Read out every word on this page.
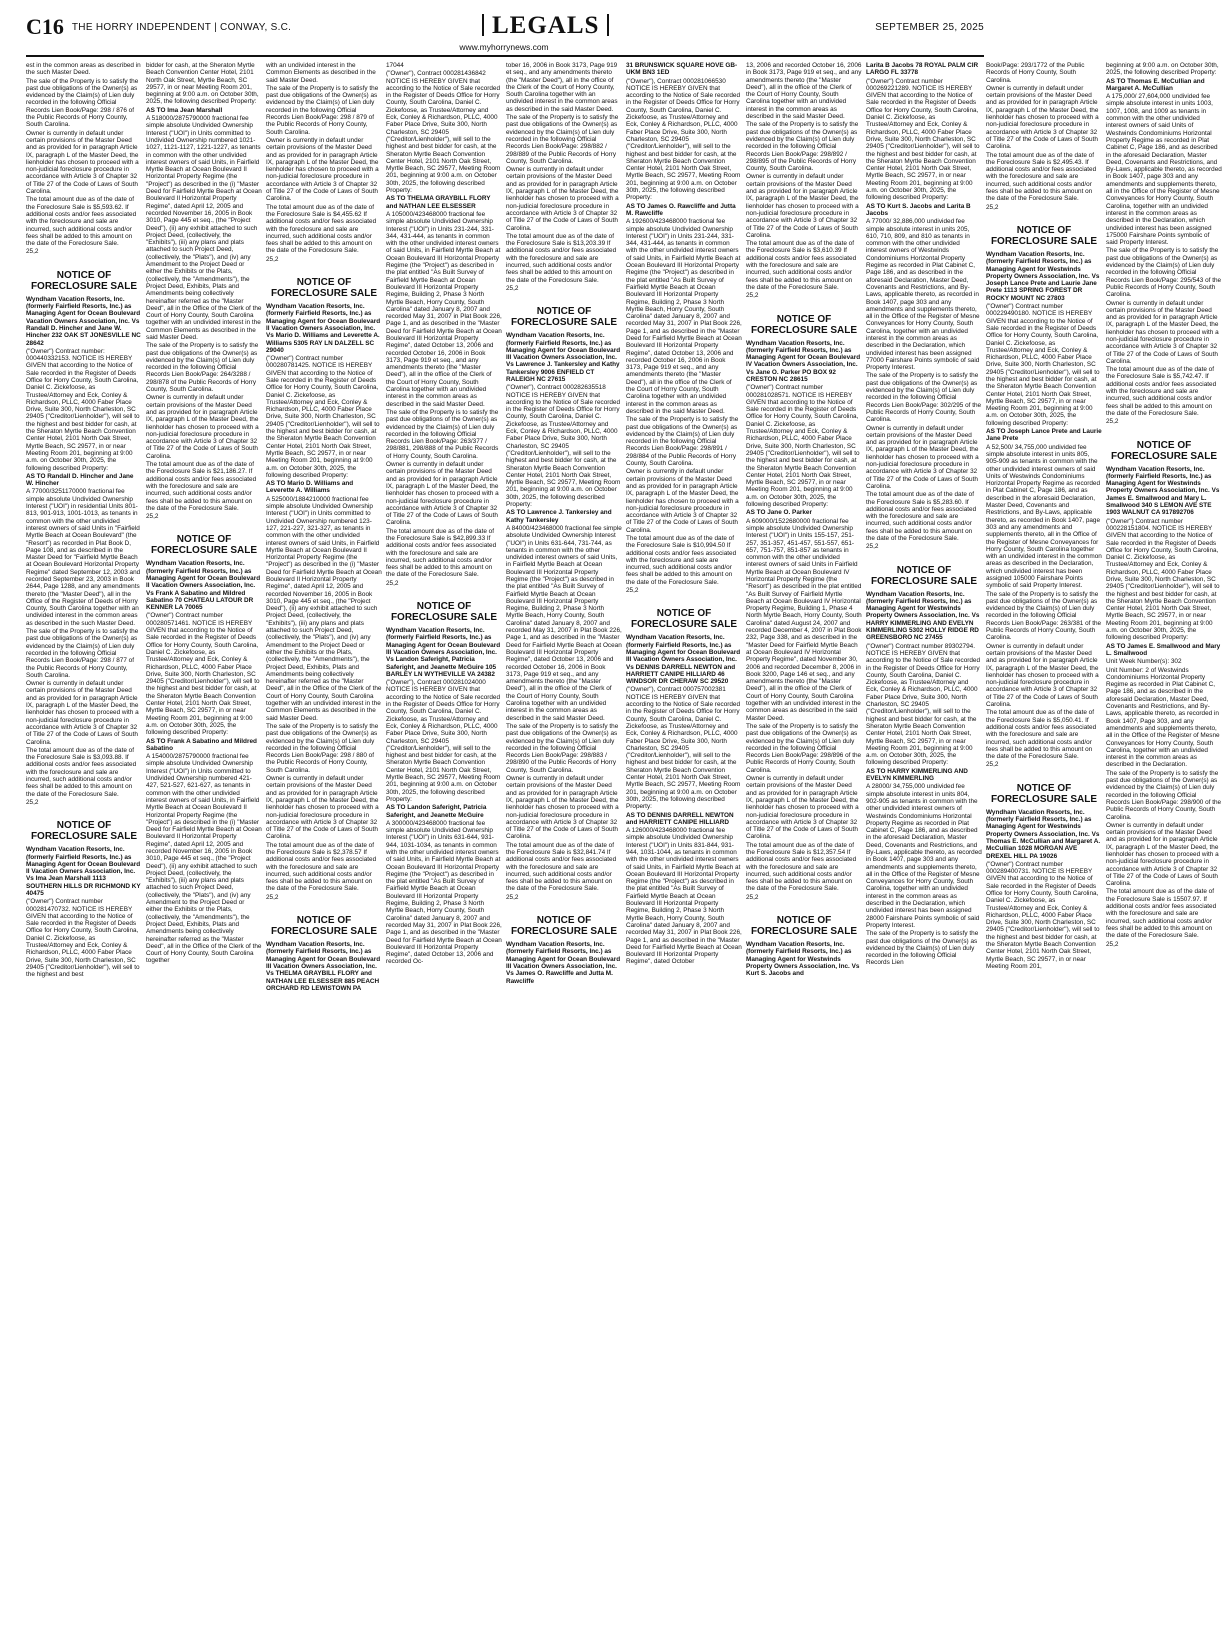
C16 THE HORRY INDEPENDENT | CONWAY, S.C.	SEPTEMBER 25, 2025
LEGALS
www.myhorrynews.com

est in the common areas as described in the such Master Deed.

The sale of the Property is to satisfy the past due obligations of the Owner(s) as evidenced by the Claim(s) of Lien duly recorded in the following Official Records Lien Book/Page: 298 / 876 of the Public Records of Horry County, South Carolina.

Owner is currently in default under certain provisions of the Master Deed and as provided for in paragraph Article IX, paragraph L of the Master Deed, the lienholder has chosen to proceed with a non-judicial foreclosure procedure in accordance with Article 3 of Chapter 32 of Title 27 of the Code of Laws of South Carolina.

The total amount due as of the date of the Foreclosure Sale is $5,593.62. If additional costs and/or fees associated with the foreclosure and sale are incurred, such additional costs and/or fees shall be added to this amount on the date of the Foreclosure Sale.

25,2

NOTICE OF FORECLOSURE SALE

Wyndham Vacation Resorts, Inc. (formerly Fairfield Resorts, Inc.) as Managing Agent for Ocean Boulevard Vacation Owners Association, Inc. Vs Randall D. Hincher and Jane W. Hincher 232 OAK ST JONESVILLE NC 28642

("Owner") Contract number: 000440332153. NOTICE IS HEREBY GIVEN that according to the Notice of Sale recorded in the Register of Deeds Office for Horry County, South Carolina, Daniel C. Zickefoose, as Trustee/Attorney and Eck, Conley & Richardson, PLLC, 4000 Faber Place Drive, Suite 300, North Charleston, SC 29405 ("Creditor/Lienholder"), will sell to the highest and best bidder for cash, at the Sheraton Myrtle Beach Convention Center Hotel, 2101 North Oak Street, Myrtle Beach, SC 29577, in or near Meeting Room 201, beginning at 9:00 a.m. on October 30th, 2025, the following described Property:

AS TO Randall D. Hincher and Jane W. Hincher

A 77000/3251170000 fractional fee simple absolute Undivided Ownership Interest ("UOI") in residential Units 801-813, 901-913, 1001-1013, as tenants in common with the other undivided interest owners of said Units in "Fairfield Myrtle Beach at Ocean Boulevard" (the "Resort") as recorded in Plat Book D, Page 108, and as described in the Master Deed for "Fairfield Myrtle Beach at Ocean Boulevard Horizontal Property Regime" dated September 12, 2003 and recorded September 23, 2003 in Book 2644, Page 1288, and any amendments thereto (the "Master Deed"), all in the Office of the Register of Deeds of Horry County, South Carolina together with an undivided interest in the common areas as described in the such Master Deed.

The sale of the Property is to satisfy the past due obligations of the Owner(s) as evidenced by the Claim(s) of Lien duly recorded in the following Official Records Lien Book/Page: 298 / 877 of the Public Records of Horry County, South Carolina.

Owner is currently in default under certain provisions of the Master Deed and as provided for in paragraph Article IX, paragraph L of the Master Deed, the lienholder has chosen to proceed with a non-judicial foreclosure procedure in accordance with Article 3 of Chapter 32 of Title 27 of the Code of Laws of South Carolina.

The total amount due as of the date of the Foreclosure Sale is $3,093.88. If additional costs and/or fees associated with the foreclosure and sale are incurred, such additional costs and/or fees shall be added to this amount on the date of the Foreclosure Sale.

25,2

NOTICE OF FORECLOSURE SALE

Wyndham Vacation Resorts, Inc. (formerly Fairfield Resorts, Inc.) as Managing Agent for Ocean Boulevard II Vacation Owners Association, Inc. Vs Ima Jean Marshall 1113 SOUTHERN HILLS DR RICHMOND KY 40475

("Owner") Contract number 000281470732. NOTICE IS HEREBY GIVEN that according to the Notice of Sale recorded in the Register of Deeds Office for Horry County, South Carolina, Daniel C. Zickefoose, as Trustee/Attorney and Eck, Conley & Richardson, PLLC, 4000 Faber Place Drive, Suite 300, North Charleston, SC 29405 ("Creditor/Lienholder"), will sell to the highest and best

bidder for cash, at the Sheraton Myrtle Beach Convention Center Hotel, 2101 North Oak Street, Myrtle Beach, SC 29577, in or near Meeting Room 201, beginning at 9:00 a.m. on October 30th, 2025, the following described Property:

AS TO Ima Jean Marshall

A 518000/2875790000 fractional fee simple absolute Undivided Ownership Interest ("UOI") in Units committed to Undivided Ownership numbered 1021-1027, 1121-1127, 1221-1227, as tenants in common with the other undivided interest owners of said Units, in Fairfield Myrtle Beach at Ocean Boulevard II Horizontal Property Regime (the "Project") as described in the (i) "Master Deed for Fairfield Myrtle Beach at Ocean Boulevard II Horizontal Property Regime", dated April 12, 2005 and recorded November 16, 2005 in Book 3010, Page 445 et seq., (the "Project Deed"), (ii) any exhibit attached to such Project Deed, (collectively, the "Exhibits"), (iii) any plans and plats attached to such Project Deed, (collectively, the "Plats"), and (iv) any Amendment to the Project Deed or either the Exhibits or the Plats, (collectively, the "Amendments"), the Project Deed, Exhibits, Plats and Amendments being collectively hereinafter referred as the "Master Deed", all in the Office of the Clerk of the Court of Horry County, South Carolina together with an undivided interest in the Common Elements as described in the said Master Deed.

The sale of the Property is to satisfy the past due obligations of the Owner(s) as evidenced by the Claim(s) of Lien duly recorded in the following Official Records Lien Book/Page: 264/3288 / 298/878 of the Public Records of Horry County, South Carolina.

Owner is currently in default under certain provisions of the Master Deed and as provided for in paragraph Article IX, paragraph L of the Master Deed, the lienholder has chosen to proceed with a non-judicial foreclosure procedure in accordance with Article 3 of Chapter 32 of Title 27 of the Code of Laws of South Carolina.

The total amount due as of the date of the Foreclosure Sale is $21,186.27. If additional costs and/or fees associated with the foreclosure and sale are incurred, such additional costs and/or fees shall be added to this amount on the date of the Foreclosure Sale.

25,2

NOTICE OF FORECLOSURE SALE

Wyndham Vacation Resorts, Inc. (formerly Fairfield Resorts, Inc.) as Managing Agent for Ocean Boulevard II Vacation Owners Association, Inc. Vs Frank A Sabatino and Mildred Sabatino 70 CHATEAU LATOUR DR KENNER LA 70065

("Owner") Contract number 000280571461. NOTICE IS HEREBY GIVEN that according to the Notice of Sale recorded in the Register of Deeds Office for Horry County, South Carolina, Daniel C. Zickefoose, as Trustee/Attorney and Eck, Conley & Richardson, PLLC, 4000 Faber Place Drive, Suite 300, North Charleston, SC 29405 ("Creditor/Lienholder"), will sell to the highest and best bidder for cash, at the Sheraton Myrtle Beach Convention Center Hotel, 2101 North Oak Street, Myrtle Beach, SC 29577, in or near Meeting Room 201, beginning at 9:00 a.m. on October 30th, 2025, the following described Property:

AS TO Frank A Sabatino and Mildred Sabatino

A 154000/2875790000 fractional fee simple absolute Undivided Ownership Interest ("UOI") in Units committed to Undivided Ownership numbered 421-427, 521-527, 621-627, as tenants in common with the other undivided interest owners of said Units, in Fairfield Myrtle Beach at Ocean Boulevard II Horizontal Property Regime (the "Project") as described in the (i) "Master Deed for Fairfield Myrtle Beach at Ocean Boulevard II Horizontal Property Regime", dated April 12, 2005 and recorded November 16, 2005 in Book 3010, Page 445 et seq., (the "Project Deed"), (ii) any exhibit attached to such Project Deed, (collectively, the "Exhibits"), (iii) any plans and plats attached to such Project Deed, (collectively, the "Plats"), and (iv) any Amendment to the Project Deed or either the Exhibits or the Plats, (collectively, the "Amendments"), the Project Deed, Exhibits, Plats and Amendments being collectively hereinafter referred as the "Master Deed", all in the Office of the Clerk of the Court of Horry County, South Carolina together

with an undivided interest in the Common Elements as described in the said Master Deed.

The sale of the Property is to satisfy the past due obligations of the Owner(s) as evidenced by the Claim(s) of Lien duly recorded in the following Official Records Lien Book/Page: 298 / 879 of the Public Records of Horry County, South Carolina.

Owner is currently in default under certain provisions of the Master Deed and as provided for in paragraph Article IX, paragraph L of the Master Deed, the lienholder has chosen to proceed with a non-judicial foreclosure procedure in accordance with Article 3 of Chapter 32 of Title 27 of the Code of Laws of South Carolina.

The total amount due as of the date of the Foreclosure Sale is $4,455.62 If additional costs and/or fees associated with the foreclosure and sale are incurred, such additional costs and/or fees shall be added to this amount on the date of the Foreclosure Sale.

25,2

NOTICE OF FORECLOSURE SALE

Wyndham Vacation Resorts, Inc. (formerly Fairfield Resorts, Inc.) as Managing Agent for Ocean Boulevard II Vacation Owners Association, Inc. Vs Mario D. Williams and Leverette A. Williams 5305 RAY LN DALZELL SC 29040

("Owner") Contract number 000280781425. NOTICE IS HEREBY GIVEN that according to the Notice of Sale recorded in the Register of Deeds Office for Horry County, South Carolina, Daniel C. Zickefoose, as Trustee/Attorney and Eck, Conley & Richardson, PLLC, 4000 Faber Place Drive, Suite 300, North Charleston, SC 29405 ("Creditor/Lienholder"), will sell to the highest and best bidder for cash, at the Sheraton Myrtle Beach Convention Center Hotel, 2101 North Oak Street, Myrtle Beach, SC 29577, in or near Meeting Room 201, beginning at 9:00 a.m. on October 30th, 2025, the following described Property:

AS TO Mario D. Williams and Leverette A. Williams

A 525000/1884210000 fractional fee simple absolute Undivided Ownership Interest ("UOI") in Units committed to Undivided Ownership numbered 123-127, 221-227, 321-327, as tenants in common with the other undivided interest owners of said Units, in Fairfield Myrtle Beach at Ocean Boulevard II Horizontal Property Regime (the "Project") as described in the (i) "Master Deed for Fairfield Myrtle Beach at Ocean Boulevard II Horizontal Property Regime", dated April 12, 2005 and recorded November 16, 2005 in Book 3010, Page 445 et seq., (the "Project Deed"), (ii) any exhibit attached to such Project Deed, (collectively, the "Exhibits"), (iii) any plans and plats attached to such Project Deed, (collectively, the "Plats"), and (iv) any Amendment to the Project Deed or either the Exhibits or the Plats, (collectively, the "Amendments"), the Project Deed, Exhibits, Plats and Amendments being collectively hereinafter referred as the "Master Deed", all in the Office of the Clerk of the Court of Horry County, South Carolina together with an undivided interest in the Common Elements as described in the said Master Deed.

The sale of the Property is to satisfy the past due obligations of the Owner(s) as evidenced by the Claim(s) of Lien duly recorded in the following Official Records Lien Book/Page: 298 / 880 of the Public Records of Horry County, South Carolina.

Owner is currently in default under certain provisions of the Master Deed and as provided for in paragraph Article IX, paragraph L of the Master Deed, the lienholder has chosen to proceed with a non-judicial foreclosure procedure in accordance with Article 3 of Chapter 32 of Title 27 of the Code of Laws of South Carolina.

The total amount due as of the date of the Foreclosure Sale is $2,378.57 If additional costs and/or fees associated with the foreclosure and sale are incurred, such additional costs and/or fees shall be added to this amount on the date of the Foreclosure Sale.

25,2

NOTICE OF FORECLOSURE SALE

Wyndham Vacation Resorts, Inc. (formerly Fairfield Resorts, Inc.) as Managing Agent for Ocean Boulevard III Vacation Owners Association, Inc. Vs THELMA GRAYBILL FLORY and NATHAN LEE ELSESSER 885 PEACH ORCHARD RD LEWISTOWN PA

17044

("Owner"), Contract 000281436842 NOTICE IS HEREBY GIVEN that according to the Notice of Sale recorded in the Register of Deeds Office for Horry County, South Carolina, Daniel C. Zickefoose, as Trustee/Attorney and Eck, Conley & Richardson, PLLC, 4000 Faber Place Drive, Suite 300, North Charleston, SC 29405 ("Creditor/Lienholder"), will sell to the highest and best bidder for cash, at the Sheraton Myrtle Beach Convention Center Hotel, 2101 North Oak Street, Myrtle Beach, SC 29577, Meeting Room 201, beginning at 9:00 a.m. on October 30th, 2025, the following described Property:

AS TO THELMA GRAYBILL FLORY and NATHAN LEE ELSESSER

A 105000/423468000 fractional fee simple absolute Undivided Ownership Interest ("UOI") in Units 231-244, 331-344, 431-444, as tenants in common with the other undivided interest owners of said Units, in Fairfield Myrtle Beach at Ocean Boulevard III Horizontal Property Regime (the "Project") as described in the plat entitled "As Built Survey of Fairfield Myrtle Beach at Ocean Boulevard III Horizontal Property Regime, Building 2, Phase 3 North Myrtle Beach, Horry County, South Carolina" dated January 8, 2007 and recorded May 31, 2007 in Plat Book 226, Page 1, and as described in the "Master Deed for Fairfield Myrtle Beach at Ocean Boulevard III Horizontal Property Regime", dated October 13, 2006 and recorded October 16, 2006 in Book 3173, Page 919 et seq., and any amendments thereto (the "Master Deed"), all in the office of the Clerk of the Court of Horry County, South Carolina together with an undivided interest in the common areas as described in the said Master Deed.

The sale of the Property is to satisfy the past due obligations of the Owner(s) as evidenced by the Claim(s) of Lien duly recorded in the following Official Records Lien Book/Page: 263/377 / 298/881, 298/888 of the Public Records of Horry County, South Carolina.

Owner is currently in default under certain provisions of the Master Deed and as provided for in paragraph Article IX, paragraph L of the Master Deed, the lienholder has chosen to proceed with a non-judicial foreclosure procedure in accordance with Article 3 of Chapter 32 of Title 27 of the Code of Laws of South Carolina.

The total amount due as of the date of the Foreclosure Sale is $42,899.33 If additional costs and/or fees associated with the foreclosure and sale are incurred, such additional costs and/or fees shall be added to this amount on the date of the Foreclosure Sale.

25,2

NOTICE OF FORECLOSURE SALE

Wyndham Vacation Resorts, Inc. (formerly Fairfield Resorts, Inc.) as Managing Agent for Ocean Boulevard III Vacation Owners Association, Inc. Vs Landon Saferight, Patricia Saferight, and Jeanette McGuire 105 BARLEY LN WYTHEVILLE VA 24382

("Owner"), Contract 000281024000 NOTICE IS HEREBY GIVEN that according to the Notice of Sale recorded in the Register of Deeds Office for Horry County, South Carolina, Daniel C. Zickefoose, as Trustee/Attorney and Eck, Conley & Richardson, PLLC, 4000 Faber Place Drive, Suite 300, North Charleston, SC 29405 ("Creditor/Lienholder"), will sell to the highest and best bidder for cash, at the Sheraton Myrtle Beach Convention Center Hotel, 2101 North Oak Street, Myrtle Beach, SC 29577, Meeting Room 201, beginning at 9:00 a.m. on October 30th, 2025, the following described Property:

AS TO Landon Saferight, Patricia Saferight, and Jeanette McGuire

A 300000/423468000 fractional fee simple absolute Undivided Ownership Interest ("UOI") in Units 631-644, 931-944, 1031-1034, as tenants in common with the other undivided interest owners of said Units, in Fairfield Myrtle Beach at Ocean Boulevard III Horizontal Property Regime (the "Project") as described in the plat entitled "As Built Survey of Fairfield Myrtle Beach at Ocean Boulevard III Horizontal Property Regime, Building 2, Phase 3 North Myrtle Beach, Horry County, South Carolina" dated January 8, 2007 and recorded May 31, 2007 in Plat Book 226, Page 1, and as described in the "Master Deed for Fairfield Myrtle Beach at Ocean Boulevard III Horizontal Property Regime", dated October 13, 2006 and recorded Oc-

tober 16, 2006 in Book 3173, Page 919 et seq., and any amendments thereto (the "Master Deed"), all in the office of the Clerk of the Court of Horry County, South Carolina together with an undivided interest in the common areas as described in the said Master Deed.

The sale of the Property is to satisfy the past due obligations of the Owner(s) as evidenced by the Claim(s) of Lien duly recorded in the following Official Records Lien Book/Page: 298/882 / 298/889 of the Public Records of Horry County, South Carolina.

Owner is currently in default under certain provisions of the Master Deed and as provided for in paragraph Article IX, paragraph L of the Master Deed, the lienholder has chosen to proceed with a non-judicial foreclosure procedure in accordance with Article 3 of Chapter 32 of Title 27 of the Code of Laws of South Carolina.

The total amount due as of the date of the Foreclosure Sale is $13,203.39 If additional costs and/or fees associated with the foreclosure and sale are incurred, such additional costs and/or fees shall be added to this amount on the date of the Foreclosure Sale.

25,2

NOTICE OF FORECLOSURE SALE

Wyndham Vacation Resorts, Inc. (formerly Fairfield Resorts, Inc.) as Managing Agent for Ocean Boulevard III Vacation Owners Association, Inc. Vs Lawrence J. Tankersley and Kathy Tankersley 9006 ENFIELD CT RALEIGH NC 27615

("Owner"), Contract 000282635518 NOTICE IS HEREBY GIVEN that according to the Notice of Sale recorded in the Register of Deeds Office for Horry County, South Carolina, Daniel C. Zickefoose, as Trustee/Attorney and Eck, Conley & Richardson, PLLC, 4000 Faber Place Drive, Suite 300, North Charleston, SC 29405 ("Creditor/Lienholder"), will sell to the highest and best bidder for cash, at the Sheraton Myrtle Beach Convention Center Hotel, 2101 North Oak Street, Myrtle Beach, SC 29577, Meeting Room 201, beginning at 9:00 a.m. on October 30th, 2025, the following described Property:

AS TO Lawrence J. Tankersley and Kathy Tankersley

A 84000/423468000 fractional fee simple absolute Undivided Ownership Interest ("UOI") in Units 631-644, 731-744, as tenants in common with the other undivided interest owners of said Units, in Fairfield Myrtle Beach at Ocean Boulevard III Horizontal Property Regime (the "Project") as described in the plat entitled "As Built Survey of Fairfield Myrtle Beach at Ocean Boulevard III Horizontal Property Regime, Building 2, Phase 3 North Myrtle Beach, Horry County, South Carolina" dated January 8, 2007 and recorded May 31, 2007 in Plat Book 226, Page 1, and as described in the "Master Deed for Fairfield Myrtle Beach at Ocean Boulevard III Horizontal Property Regime", dated October 13, 2006 and recorded October 16, 2006 in Book 3173, Page 919 et seq., and any amendments thereto (the "Master Deed"), all in the office of the Clerk of the Court of Horry County, South Carolina together with an undivided interest in the common areas as described in the said Master Deed.

The sale of the Property is to satisfy the past due obligations of the Owner(s) as evidenced by the Claim(s) of Lien duly recorded in the following Official Records Lien Book/Page: 298/883 / 298/890 of the Public Records of Horry County, South Carolina.

Owner is currently in default under certain provisions of the Master Deed and as provided for in paragraph Article IX, paragraph L of the Master Deed, the lienholder has chosen to proceed with a non-judicial foreclosure procedure in accordance with Article 3 of Chapter 32 of Title 27 of the Code of Laws of South Carolina.

The total amount due as of the date of the Foreclosure Sale is $32,841.74 If additional costs and/or fees associated with the foreclosure and sale are incurred, such additional costs and/or fees shall be added to this amount on the date of the Foreclosure Sale.

25,2

NOTICE OF FORECLOSURE SALE

Wyndham Vacation Resorts, Inc. (formerly Fairfield Resorts, Inc.) as Managing Agent for Ocean Boulevard III Vacation Owners Association, Inc. Vs James O. Rawcliffe and Jutta M. Rawcliffe

31 BRUNSWICK SQUARE HOVE GB-UKM BN3 1ED

("Owner"), Contract 000281066530 NOTICE IS HEREBY GIVEN that according to the Notice of Sale recorded in the Register of Deeds Office for Horry County, South Carolina, Daniel C. Zickefoose, as Trustee/Attorney and Eck, Conley & Richardson, PLLC, 4000 Faber Place Drive, Suite 300, North Charleston, SC 29405 ("Creditor/Lienholder"), will sell to the highest and best bidder for cash, at the Sheraton Myrtle Beach Convention Center Hotel, 2101 North Oak Street, Myrtle Beach, SC 29577, Meeting Room 201, beginning at 9:00 a.m. on October 30th, 2025, the following described Property:

AS TO James O. Rawcliffe and Jutta M. Rawcliffe

A 192600/423468000 fractional fee simple absolute Undivided Ownership Interest ("UOI") in Units 231-244, 331-344, 431-444, as tenants in common with the other undivided interest owners of said Units, in Fairfield Myrtle Beach at Ocean Boulevard III Horizontal Property Regime (the "Project") as described in the plat entitled "As Built Survey of Fairfield Myrtle Beach at Ocean Boulevard III Horizontal Property Regime, Building 2, Phase 3 North Myrtle Beach, Horry County, South Carolina" dated January 8, 2007 and recorded May 31, 2007 in Plat Book 226, Page 1, and as described in the "Master Deed for Fairfield Myrtle Beach at Ocean Boulevard III Horizontal Property Regime", dated October 13, 2006 and recorded October 16, 2006 in Book 3173, Page 919 et seq., and any amendments thereto (the "Master Deed"), all in the office of the Clerk of the Court of Horry County, South Carolina together with an undivided interest in the common areas as described in the said Master Deed.

The sale of the Property is to satisfy the past due obligations of the Owner(s) as evidenced by the Claim(s) of Lien duly recorded in the following Official Records Lien Book/Page: 298/891 / 298/884 of the Public Records of Horry County, South Carolina.

Owner is currently in default under certain provisions of the Master Deed and as provided for in paragraph Article IX, paragraph L of the Master Deed, the lienholder has chosen to proceed with a non-judicial foreclosure procedure in accordance with Article 3 of Chapter 32 of Title 27 of the Code of Laws of South Carolina.

The total amount due as of the date of the Foreclosure Sale is $10,994.50 If additional costs and/or fees associated with the foreclosure and sale are incurred, such additional costs and/or fees shall be added to this amount on the date of the Foreclosure Sale.

25,2

NOTICE OF FORECLOSURE SALE

Wyndham Vacation Resorts, Inc. (formerly Fairfield Resorts, Inc.) as Managing Agent for Ocean Boulevard III Vacation Owners Association, Inc. Vs DENNIS DARRELL NEWTON and HARRIETT CANIPE HILLIARD 46 WINDSOR DR CHERAW SC 29520

("Owner"), Contract 000757002381 NOTICE IS HEREBY GIVEN that according to the Notice of Sale recorded in the Register of Deeds Office for Horry County, South Carolina, Daniel C. Zickefoose, as Trustee/Attorney and Eck, Conley & Richardson, PLLC, 4000 Faber Place Drive, Suite 300, North Charleston, SC 29405 ("Creditor/Lienholder"), will sell to the highest and best bidder for cash, at the Sheraton Myrtle Beach Convention Center Hotel, 2101 North Oak Street, Myrtle Beach, SC 29577, Meeting Room 201, beginning at 9:00 a.m. on October 30th, 2025, the following described Property:

AS TO DENNIS DARRELL NEWTON and HARRIETT CANIPE HILLIARD

A 126000/423468000 fractional fee simple absolute Undivided Ownership Interest ("UOI") in Units 831-844, 931-944, 1031-1044, as tenants in common with the other undivided interest owners of said Units, in Fairfield Myrtle Beach at Ocean Boulevard III Horizontal Property Regime (the "Project") as described in the plat entitled "As Built Survey of Fairfield Myrtle Beach at Ocean Boulevard III Horizontal Property Regime, Building 2, Phase 3 North Myrtle Beach, Horry County, South Carolina" dated January 8, 2007 and recorded May 31, 2007 in Plat Book 226, Page 1, and as described in the "Master Deed for Fairfield Myrtle Beach at Ocean Boulevard III Horizontal Property Regime", dated October

13, 2006 and recorded October 16, 2006 in Book 3173, Page 919 et seq., and any amendments thereto (the "Master Deed"), all in the office of the Clerk of the Court of Horry County, South Carolina together with an undivided interest in the common areas as described in the said Master Deed.

The sale of the Property is to satisfy the past due obligations of the Owner(s) as evidenced by the Claim(s) of Lien duly recorded in the following Official Records Lien Book/Page: 298/892 / 298/895 of the Public Records of Horry County, South Carolina.

Owner is currently in default under certain provisions of the Master Deed and as provided for in paragraph Article IX, paragraph L of the Master Deed, the lienholder has chosen to proceed with a non-judicial foreclosure procedure in accordance with Article 3 of Chapter 32 of Title 27 of the Code of Laws of South Carolina.

The total amount due as of the date of the Foreclosure Sale is $3,610.39 If additional costs and/or fees associated with the foreclosure and sale are incurred, such additional costs and/or fees shall be added to this amount on the date of the Foreclosure Sale.

25,2

NOTICE OF FORECLOSURE SALE

Wyndham Vacation Resorts, Inc. (formerly Fairfield Resorts, Inc.) as Managing Agent for Ocean Boulevard IV Vacation Owners Association, Inc. Vs Jane O. Parker PO BOX 92 CRESTON NC 28615

("Owner") Contract number 000281028571. NOTICE IS HEREBY GIVEN that according to the Notice of Sale recorded in the Register of Deeds Office for Horry County, South Carolina, Daniel C. Zickefoose, as Trustee/Attorney and Eck, Conley & Richardson, PLLC, 4000 Faber Place Drive, Suite 300, North Charleston, SC 29405 ("Creditor/Lienholder"), will sell to the highest and best bidder for cash, at the Sheraton Myrtle Beach Convention Center Hotel, 2101 North Oak Street, Myrtle Beach, SC 29577, in or near Meeting Room 201, beginning at 9:00 a.m. on October 30th, 2025, the following described Property:

AS TO Jane O. Parker

A 609000/1522680000 fractional fee simple absolute Undivided Ownership Interest ("UOI") in Units 155-157, 251-257, 351-357, 451-457, 551-557, 651-657, 751-757, 851-857 as tenants in common with the other undivided interest owners of said Units in Fairfield Myrtle Beach at Ocean Boulevard IV Horizontal Property Regime (the "Resort") as described in the plat entitled "As Built Survey of Fairfield Myrtle Beach at Ocean Boulevard IV Horizontal Property Regime, Building 1, Phase 4 North Myrtle Beach, Horry County, South Carolina" dated August 24, 2007 and recorded December 4, 2007 in Plat Book 232, Page 338, and as described in the "Master Deed for Fairfield Myrtle Beach at Ocean Boulevard IV Horizontal Property Regime", dated November 30, 2006 and recorded December 8, 2006 in Book 3200, Page 146 et seq., and any amendments thereto (the "Master Deed"), all in the office of the Clerk of Court of Horry County, South Carolina together with an undivided interest in the common areas as described in the said Master Deed.

The sale of the Property is to satisfy the past due obligations of the Owner(s) as evidenced by the Claim(s) of Lien duly recorded in the following Official Records Lien Book/Page: 298/896 of the Public Records of Horry County, South Carolina.

Owner is currently in default under certain provisions of the Master Deed and as provided for in paragraph Article IX, paragraph L of the Master Deed, the lienholder has chosen to proceed with a non-judicial foreclosure procedure in accordance with Article 3 of Chapter 32 of Title 27 of the Code of Laws of South Carolina.

The total amount due as of the date of the Foreclosure Sale is $12,357.54 If additional costs and/or fees associated with the foreclosure and sale are incurred, such additional costs and/or fees shall be added to this amount on the date of the Foreclosure Sale.

25,2

NOTICE OF FORECLOSURE SALE

Wyndham Vacation Resorts, Inc. (formerly Fairfield Resorts, Inc.) as Managing Agent for Westwinds Property Owners Association, Inc. Vs Kurt S. Jacobs and

Larita B Jacobs 78 ROYAL PALM CIR LARGO FL 33778

("Owner") Contract number 000269221289. NOTICE IS HEREBY GIVEN that according to the Notice of Sale recorded in the Register of Deeds Office for Horry County, South Carolina, Daniel C. Zickefoose, as Trustee/Attorney and Eck, Conley & Richardson, PLLC, 4000 Faber Place Drive, Suite 300, North Charleston, SC 29405 ("Creditor/Lienholder"), will sell to the highest and best bidder for cash, at the Sheraton Myrtle Beach Convention Center Hotel, 2101 North Oak Street, Myrtle Beach, SC 29577, in or near Meeting Room 201, beginning at 9:00 a.m. on October 30th, 2025, the following described Property:

AS TO Kurt S. Jacobs and Larita B Jacobs

A 77000/ 32,886,000 undivided fee simple absolute interest in units 205, 610, 710, 809, and 810 as tenants in common with the other undivided interest owners of Westwinds Condominiums Horizontal Property Regime as recorded in Plat Cabinet C, Page 186, and as described in the aforesaid Declaration, Master Deed, Covenants and Restrictions, and By-Laws, applicable thereto, as recorded in Book 1407, page 303 and any amendments and supplements thereto, all in the Office of the Register of Mesne Conveyances for Horry County, South Carolina, together with an undivided interest in the common areas as described in the Declaration, which undivided interest has been assigned 77000 Fairshare Points symbolic of said Property Interest.

The sale of the Property is to satisfy the past due obligations of the Owner(s) as evidenced by the Claim(s) of Lien duly recorded in the following Official Records Lien Book/Page: 302/295 of the Public Records of Horry County, South Carolina.

Owner is currently in default under certain provisions of the Master Deed and as provided for in paragraph Article IX, paragraph L of the Master Deed, the lienholder has chosen to proceed with a non-judicial foreclosure procedure in accordance with Article 3 of Chapter 32 of Title 27 of the Code of Laws of South Carolina.

The total amount due as of the date of the Foreclosure Sale is $5,283.60. If additional costs and/or fees associated with the foreclosure and sale are incurred, such additional costs and/or fees shall be added to this amount on the date of the Foreclosure Sale.

25,2

NOTICE OF FORECLOSURE SALE

Wyndham Vacation Resorts, Inc. (formerly Fairfield Resorts, Inc.) as Managing Agent for Westwinds Property Owners Association, Inc. Vs HARRY KIMMERLING AND EVELYN KIMMERLING 5302 HOLLY RIDGE RD GREENSBORO NC 27455

("Owner") Contract number 89302794. NOTICE IS HEREBY GIVEN that according to the Notice of Sale recorded in the Register of Deeds Office for Horry County, South Carolina, Daniel C. Zickefoose, as Trustee/Attorney and Eck, Conley & Richardson, PLLC, 4000 Faber Place Drive, Suite 300, North Charleston, SC 29405 ("Creditor/Lienholder"), will sell to the highest and best bidder for cash, at the Sheraton Myrtle Beach Convention Center Hotel, 2101 North Oak Street, Myrtle Beach, SC 29577, in or near Meeting Room 201, beginning at 9:00 a.m. on October 30th, 2025, the following described Property:

AS TO HARRY KIMMERLING AND EVELYN KIMMERLING

A 28000/ 34,755,000 undivided fee simple absolute interest in units 804, 902-905 as tenants in common with the other undivided interest owners of Westwinds Condominiums Horizontal Property Regime as recorded in Plat Cabinet C, Page 186, and as described in the aforesaid Declaration, Master Deed, Covenants and Restrictions, and By-Laws, applicable thereto, as recorded in Book 1407, page 303 and any amendments and supplements thereto, all in the Office of the Register of Mesne Conveyances for Horry County, South Carolina, together with an undivided interest in the common areas as described in the Declaration, which undivided interest has been assigned 28000 Fairshare Points symbolic of said Property Interest.

The sale of the Property is to satisfy the past due obligations of the Owner(s) as evidenced by the Claim(s) of Lien duly recorded in the following Official Records Lien

Book/Page: 293/1772 of the Public Records of Horry County, South Carolina.

Owner is currently in default under certain provisions of the Master Deed and as provided for in paragraph Article IX, paragraph L of the Master Deed, the lienholder has chosen to proceed with a non-judicial foreclosure procedure in accordance with Article 3 of Chapter 32 of Title 27 of the Code of Laws of South Carolina.

The total amount due as of the date of the Foreclosure Sale is $2,495.43. If additional costs and/or fees associated with the foreclosure and sale are incurred, such additional costs and/or fees shall be added to this amount on the date of the Foreclosure Sale.

25,2

NOTICE OF FORECLOSURE SALE

Wyndham Vacation Resorts, Inc. (formerly Fairfield Resorts, Inc.) as Managing Agent for Westwinds Property Owners Association, Inc. Vs Joseph Lance Prete and Laurie Jane Prete 1113 SPRING FOREST DR ROCKY MOUNT NC 27803

("Owner") Contract number 000229490180. NOTICE IS HEREBY GIVEN that according to the Notice of Sale recorded in the Register of Deeds Office for Horry County, South Carolina, Daniel C. Zickefoose, as Trustee/Attorney and Eck, Conley & Richardson, PLLC, 4000 Faber Place Drive, Suite 300, North Charleston, SC 29405 ("Creditor/Lienholder"), will sell to the highest and best bidder for cash, at the Sheraton Myrtle Beach Convention Center Hotel, 2101 North Oak Street, Myrtle Beach, SC 29577, in or near Meeting Room 201, beginning at 9:00 a.m. on October 30th, 2025, the following described Property:

AS TO Joseph Lance Prete and Laurie Jane Prete

A 52,500/ 34,755,000 undivided fee simple absolute interest in units 805, 905-909 as tenants in common with the other undivided interest owners of said Units of Westwinds Condominiums Horizontal Property Regime as recorded in Plat Cabinet C, Page 186, and as described in the aforesaid Declaration, Master Deed, Covenants and Restrictions, and By-Laws, applicable thereto, as recorded in Book 1407, page 303 and any amendments and supplements thereto, all in the Office of the Register of Mesne Conveyances for Horry County, South Carolina together with an undivided interest in the common areas as described in the Declaration, which undivided interest has been assigned 105000 Fairshare Points symbolic of said Property Interest.

The sale of the Property is to satisfy the past due obligations of the Owner(s) as evidenced by the Claim(s) of Lien duly recorded in the following Official Records Lien Book/Page: 263/381 of the Public Records of Horry County, South Carolina.

Owner is currently in default under certain provisions of the Master Deed and as provided for in paragraph Article IX, paragraph L of the Master Deed, the lienholder has chosen to proceed with a non-judicial foreclosure procedure in accordance with Article 3 of Chapter 32 of Title 27 of the Code of Laws of South Carolina.

The total amount due as of the date of the Foreclosure Sale is $5,050.41. If additional costs and/or fees associated with the foreclosure and sale are incurred, such additional costs and/or fees shall be added to this amount on the date of the Foreclosure Sale.

25,2

NOTICE OF FORECLOSURE SALE

Wyndham Vacation Resorts, Inc. (formerly Fairfield Resorts, Inc.) as Managing Agent for Westwinds Property Owners Association, Inc. Vs Thomas E. McCullian and Margaret A. McCullian 1028 MORGAN AVE DREXEL HILL PA 19026

("Owner") Contract number 000289400731. NOTICE IS HEREBY GIVEN that according to the Notice of Sale recorded in the Register of Deeds Office for Horry County, South Carolina, Daniel C. Zickefoose, as Trustee/Attorney and Eck, Conley & Richardson, PLLC, 4000 Faber Place Drive, Suite 300, North Charleston, SC 29405 ("Creditor/Lienholder"), will sell to the highest and best bidder for cash, at the Sheraton Myrtle Beach Convention Center Hotel, 2101 North Oak Street, Myrtle Beach, SC 29577, in or near Meeting Room 201,

beginning at 9:00 a.m. on October 30th, 2025, the following described Property:

AS TO Thomas E. McCullian and Margaret A. McCullian

A 175,000/ 27,604,000 undivided fee simple absolute interest in units 1003, 1007, 1008, and 1009 as tenants in common with the other undivided interest owners of said Units of Westwinds Condominiums Horizontal Property Regime as recorded in Plat Cabinet C, Page 186, and as described in the aforesaid Declaration, Master Deed, Covenants and Restrictions, and By-Laws, applicable thereto, as recorded in Book 1407, page 303 and any amendments and supplements thereto, all in the Office of the Register of Mesne Conveyances for Horry County, South Carolina, together with an undivided interest in the common areas as described in the Declaration, which undivided interest has been assigned 175000 Fairshare Points symbolic of said Property Interest.

The sale of the Property is to satisfy the past due obligations of the Owner(s) as evidenced by the Claim(s) of Lien duly recorded in the following Official Records Lien Book/Page: 295/543 of the Public Records of Horry County, South Carolina.

Owner is currently in default under certain provisions of the Master Deed and as provided for in paragraph Article IX, paragraph L of the Master Deed, the lienholder has chosen to proceed with a non-judicial foreclosure procedure in accordance with Article 3 of Chapter 32 of Title 27 of the Code of Laws of South Carolina.

The total amount due as of the date of the Foreclosure Sale is $5,742.47. If additional costs and/or fees associated with the foreclosure and sale are incurred, such additional costs and/or fees shall be added to this amount on the date of the Foreclosure Sale.

25,2

NOTICE OF FORECLOSURE SALE

Wyndham Vacation Resorts, Inc. (formerly Fairfield Resorts, Inc.) as Managing Agent for Westwinds Property Owners Association, Inc. Vs James E. Smallwood and Mary L. Smallwood 340 S LEMON AVE STE 1903 WALNUT CA 917892706

("Owner") Contract number 000228151804. NOTICE IS HEREBY GIVEN that according to the Notice of Sale recorded in the Register of Deeds Office for Horry County, South Carolina, Daniel C. Zickefoose, as Trustee/Attorney and Eck, Conley & Richardson, PLLC, 4000 Faber Place Drive, Suite 300, North Charleston, SC 29405 ("Creditor/Lienholder"), will sell to the highest and best bidder for cash, at the Sheraton Myrtle Beach Convention Center Hotel, 2101 North Oak Street, Myrtle Beach, SC 29577, in or near Meeting Room 201, beginning at 9:00 a.m. on October 30th, 2025, the following described Property:

AS TO James E. Smallwood and Mary L. Smallwood

Unit Week Number(s): 302

Unit Number: 2 of Westwinds Condominiums Horizontal Property Regime as recorded in Plat Cabinet C, Page 186, and as described in the aforesaid Declaration, Master Deed, Covenants and Restrictions, and By-Laws, applicable thereto, as recorded in Book 1407, Page 303, and any amendments and supplements thereto, all in the Office of the Register of Mesne Conveyances for Horry County, South Carolina, together with an undivided interest in the common areas as described in the Declaration.

The sale of the Property is to satisfy the past due obligations of the Owner(s) as evidenced by the Claim(s) of Lien duly recorded in the following Official Records Lien Book/Page: 298/900 of the Public Records of Horry County, South Carolina.

Owner is currently in default under certain provisions of the Master Deed and as provided for in paragraph Article IX, paragraph L of the Master Deed, the lienholder has chosen to proceed with a non-judicial foreclosure procedure in accordance with Article 3 of Chapter 32 of Title 27 of the Code of Laws of South Carolina.

The total amount due as of the date of the Foreclosure Sale is 15507.97. If additional costs and/or fees associated with the foreclosure and sale are incurred, such additional costs and/or fees shall be added to this amount on the date of the Foreclosure Sale.

25,2
